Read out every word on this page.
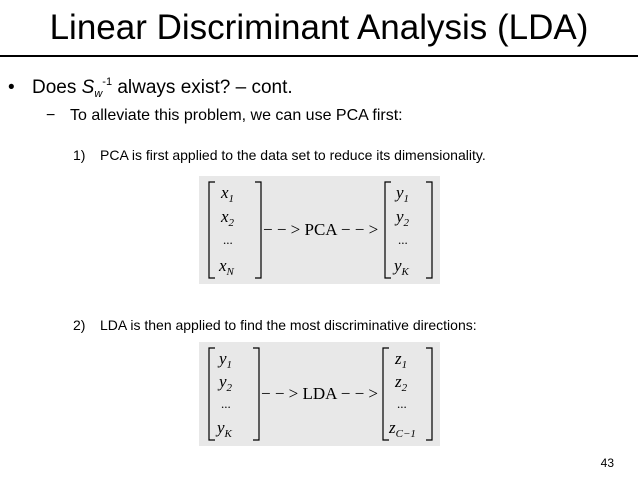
Linear Discriminant Analysis (LDA)
• Does $S_w^{-1}$ always exist? – cont.
− To alleviate this problem, we can use PCA first:
1) PCA is first applied to the data set to reduce its dimensionality.
$x_1$
$x_2$
...
$x_N$
− − > PCA − − >
$y_1$
$y_2$
...
$y_K$
2) LDA is then applied to find the most discriminative directions:
$y_1$
$y_2$
...
$y_K$
− − > LDA − − >
$z_1$
$z_2$
...
$z_{C-1}$
43
